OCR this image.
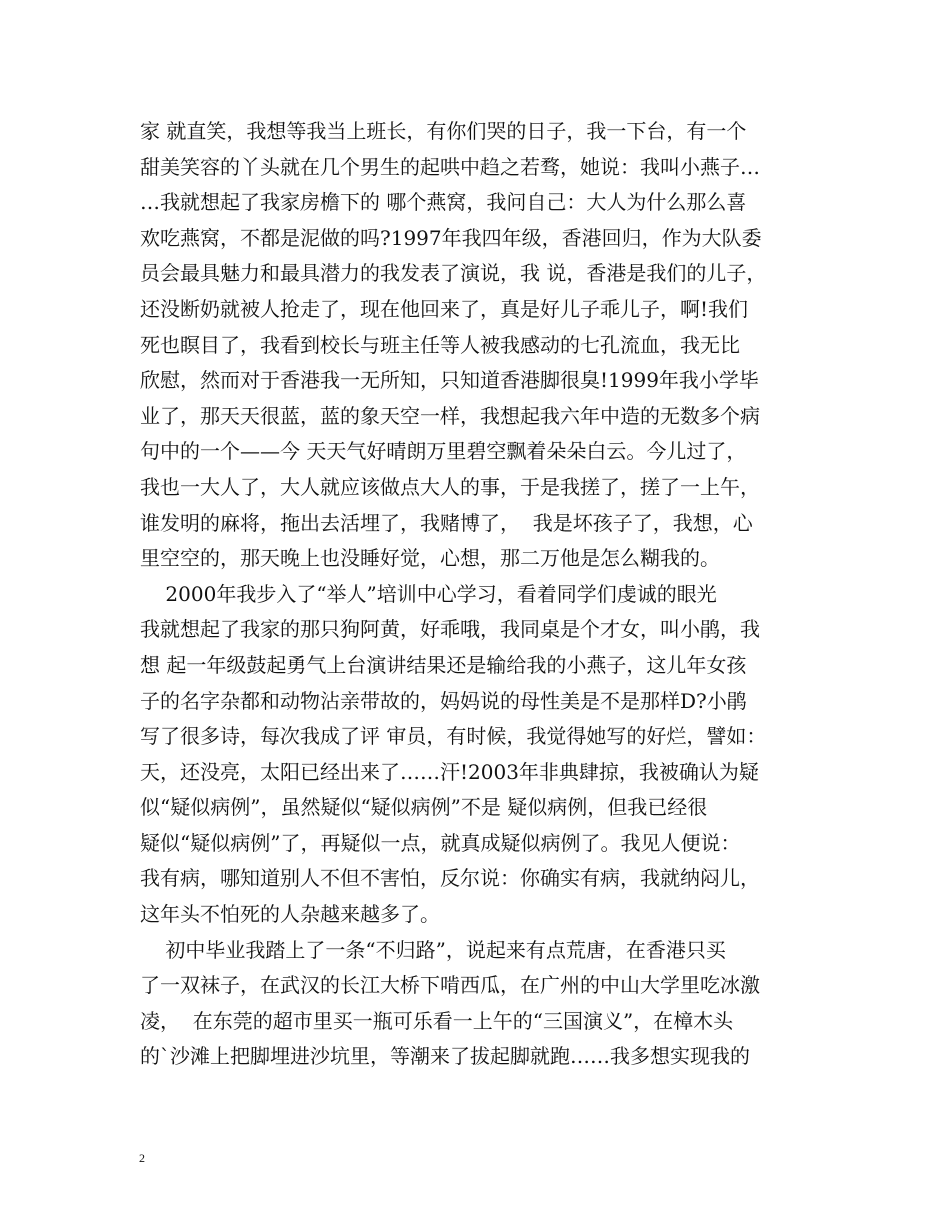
家 就直笑，我想等我当上班长，有你们哭的日子，我一下台，有一个
甜美笑容的丫头就在几个男生的起哄中趋之若骛，她说：我叫小燕子…
…我就想起了我家房檐下的 哪个燕窝，我问自己：大人为什么那么喜
欢吃燕窝，不都是泥做的吗?1997年我四年级，香港回归，作为大队委
员会最具魅力和最具潜力的我发表了演说，我 说，香港是我们的儿子，
还没断奶就被人抢走了，现在他回来了，真是好儿子乖儿子，啊!我们
死也瞑目了，我看到校长与班主任等人被我感动的七孔流血，我无比
欣慰，然而对于香港我一无所知，只知道香港脚很臭!1999年我小学毕
业了，那天天很蓝，蓝的象天空一样，我想起我六年中造的无数多个病
句中的一个——今 天天气好晴朗万里碧空飘着朵朵白云。今儿过了，
我也一大人了，大人就应该做点大人的事，于是我搓了，搓了一上午，
谁发明的麻将，拖出去活埋了，我赌博了，  我是坏孩子了，我想，心
里空空的，那天晚上也没睡好觉，心想，那二万他是怎么糊我的。
2000年我步入了“举人”培训中心学习，看着同学们虔诚的眼光
我就想起了我家的那只狗阿黄，好乖哦，我同桌是个才女，叫小鹃，我
想 起一年级鼓起勇气上台演讲结果还是输给我的小燕子，这儿年女孩
子的名字杂都和动物沾亲带故的，妈妈说的母性美是不是那样D?小鹃
写了很多诗，每次我成了评 审员，有时候，我觉得她写的好烂，譬如：
天，还没亮，太阳已经出来了……汗!2003年非典肆掠，我被确认为疑
似“疑似病例”，虽然疑似“疑似病例”不是 疑似病例，但我已经很
疑似“疑似病例”了，再疑似一点，就真成疑似病例了。我见人便说：
我有病，哪知道别人不但不害怕，反尔说：你确实有病，我就纳闷儿，
这年头不怕死的人杂越来越多了。
初中毕业我踏上了一条“不归路”，说起来有点荒唐，在香港只买
了一双袜子，在武汉的长江大桥下啃西瓜，在广州的中山大学里吃冰激
凌，  在东莞的超市里买一瓶可乐看一上午的“三国演义”，在樟木头
的`沙滩上把脚埋进沙坑里，等潮来了拔起脚就跑……我多想实现我的
2
